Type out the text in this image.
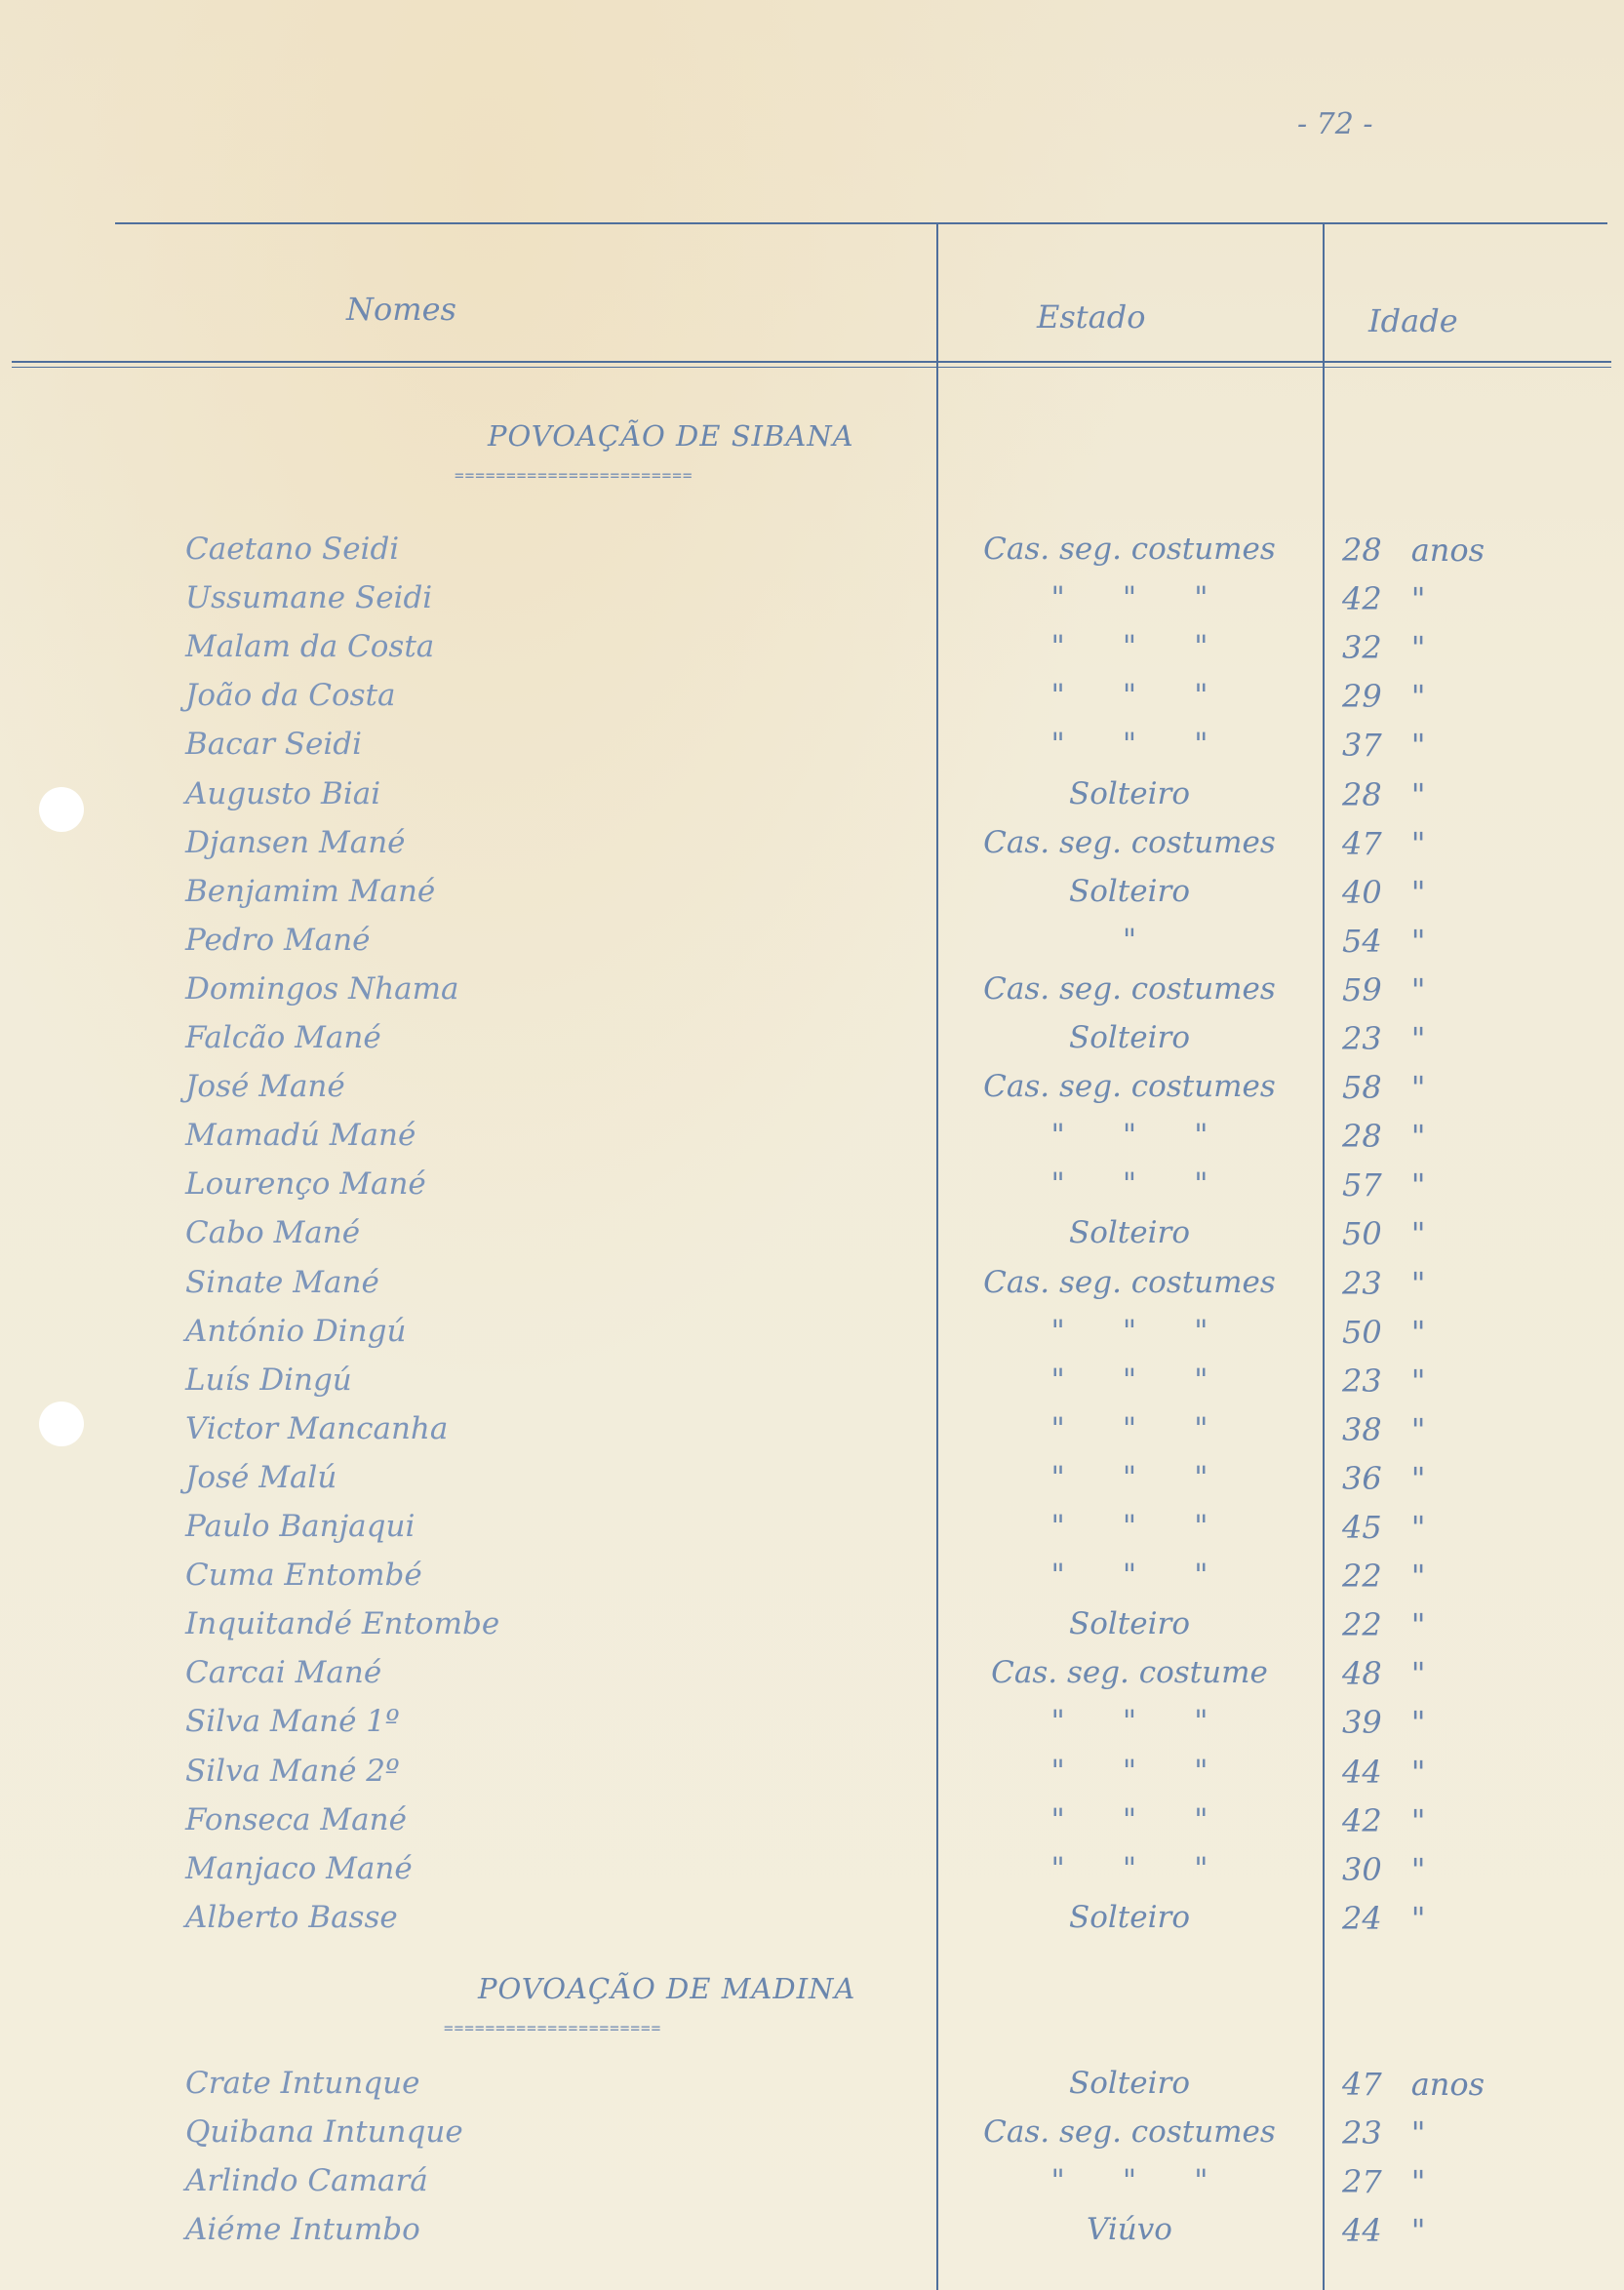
- 72 -
Nomes	Estado	Idade
POVOAÇÃO DE SIBANA
=======================
Caetano Seidi	Cas. seg. costumes	28 anos
Ussumane Seidi	"      "      "	42 "
Malam da Costa	"      "      "	32 "
João da Costa	"      "      "	29 "
Bacar Seidi	"      "      "	37 "
Augusto Biai	Solteiro	28 "
Djansen Mané	Cas. seg. costumes	47 "
Benjamim Mané	Solteiro	40 "
Pedro Mané	"	54 "
Domingos Nhama	Cas. seg. costumes	59 "
Falcão Mané	Solteiro	23 "
José Mané	Cas. seg. costumes	58 "
Mamadú Mané	"      "      "	28 "
Lourenço Mané	"      "      "	57 "
Cabo Mané	Solteiro	50 "
Sinate Mané	Cas. seg. costumes	23 "
António Dingú	"      "      "	50 "
Luís Dingú	"      "      "	23 "
Victor Mancanha	"      "      "	38 "
José Malú	"      "      "	36 "
Paulo Banjaqui	"      "      "	45 "
Cuma Entombé	"      "      "	22 "
Inquitandé Entombe	Solteiro	22 "
Carcai Mané	Cas. seg. costume	48 "
Silva Mané 1º	"      "      "	39 "
Silva Mané 2º	"      "      "	44 "
Fonseca Mané	"      "      "	42 "
Manjaco Mané	"      "      "	30 "
Alberto Basse	Solteiro	24 "
POVOAÇÃO DE MADINA
=====================
Crate Intunque	Solteiro	47 anos
Quibana Intunque	Cas. seg. costumes	23 "
Arlindo Camará	"      "      "	27 "
Aiéme Intumbo	Viúvo	44 "
